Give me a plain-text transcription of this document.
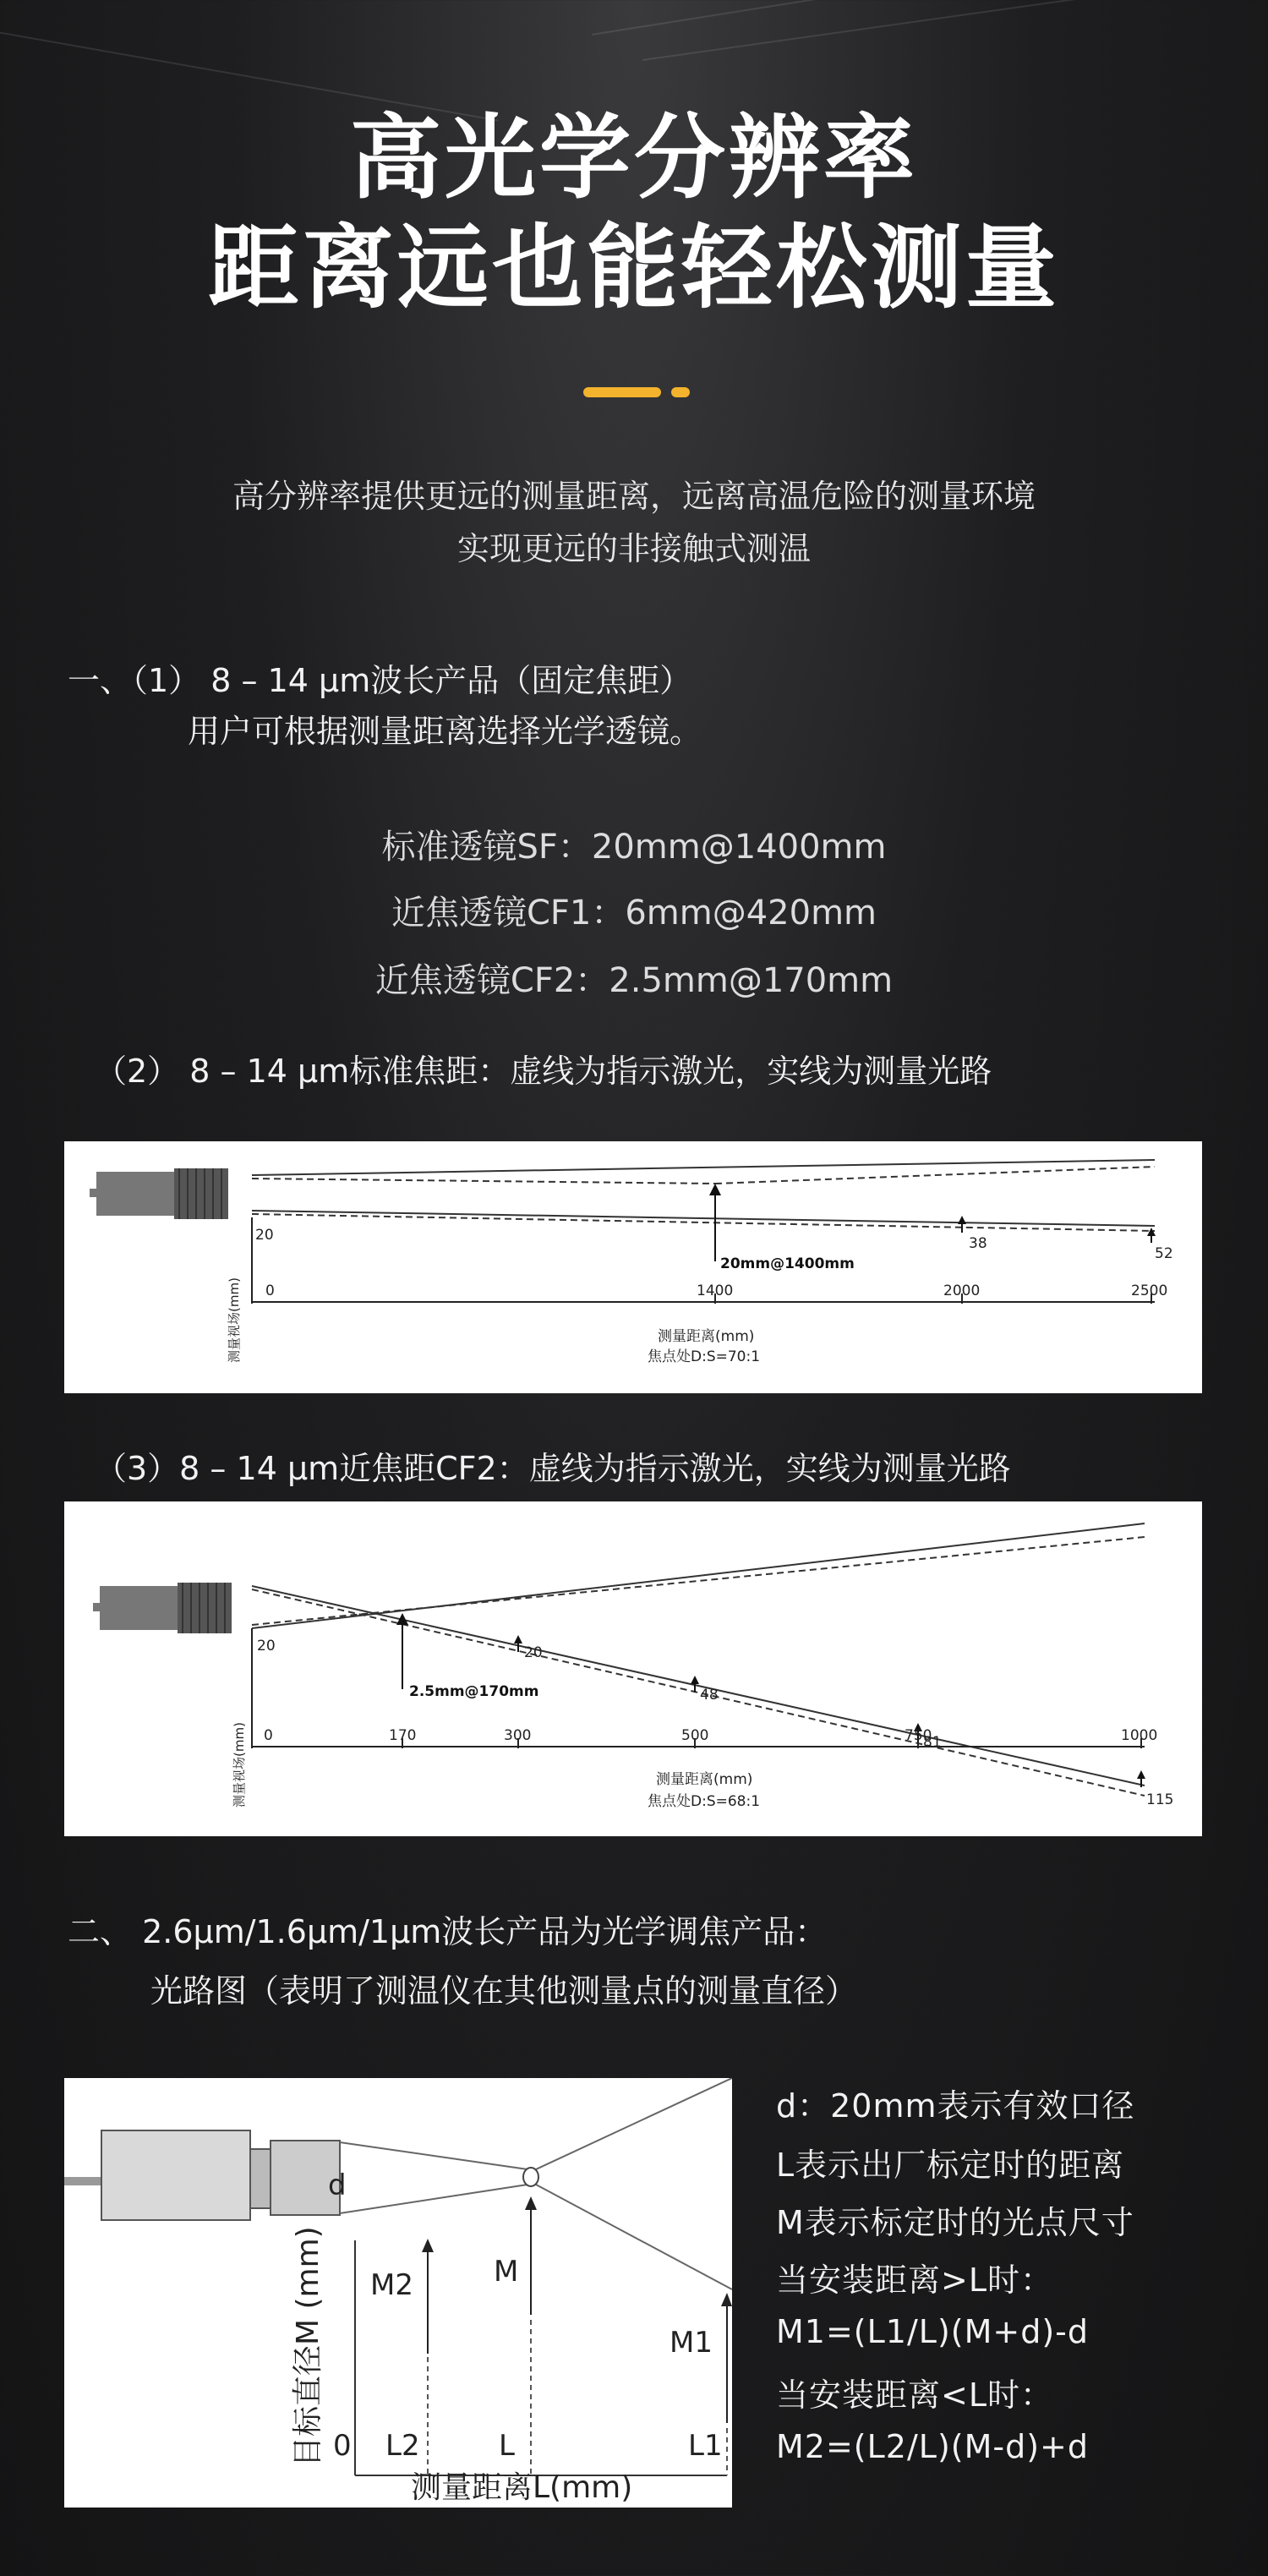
高光学分辨率
距离远也能轻松测量
高分辨率提供更远的测量距离，远离高温危险的测量环境
实现更远的非接触式测温
一、（1） 8 – 14 μm波长产品（固定焦距）
用户可根据测量距离选择光学透镜。
标准透镜SF：20mm@1400mm
近焦透镜CF1：6mm@420mm
近焦透镜CF2：2.5mm@170mm
（2） 8 – 14 μm标准焦距：虚线为指示激光，实线为测量光路
20	38
52
20mm@1400mm
0	1400	2000	2500
测量距离(mm)
焦点处D:S=70:1
测量视场(mm)
（3）8 – 14 μm近焦距CF2：虚线为指示激光，实线为测量光路
20	20
48
81
115
2.5mm@170mm
0	170	300	500	750	1000
测量距离(mm)
焦点处D:S=68:1
测量视场(mm)
二、 2.6μm/1.6μm/1μm波长产品为光学调焦产品：
光路图（表明了测温仪在其他测量点的测量直径）
d
M2	M
M1
0 L2	L	L1
测量距离L(mm)
目标直径M (mm)
d：20mm表示有效口径
L表示出厂标定时的距离
M表示标定时的光点尺寸
当安装距离>L时：
M1=(L1/L)(M+d)-d
当安装距离<L时：
M2=(L2/L)(M-d)+d
